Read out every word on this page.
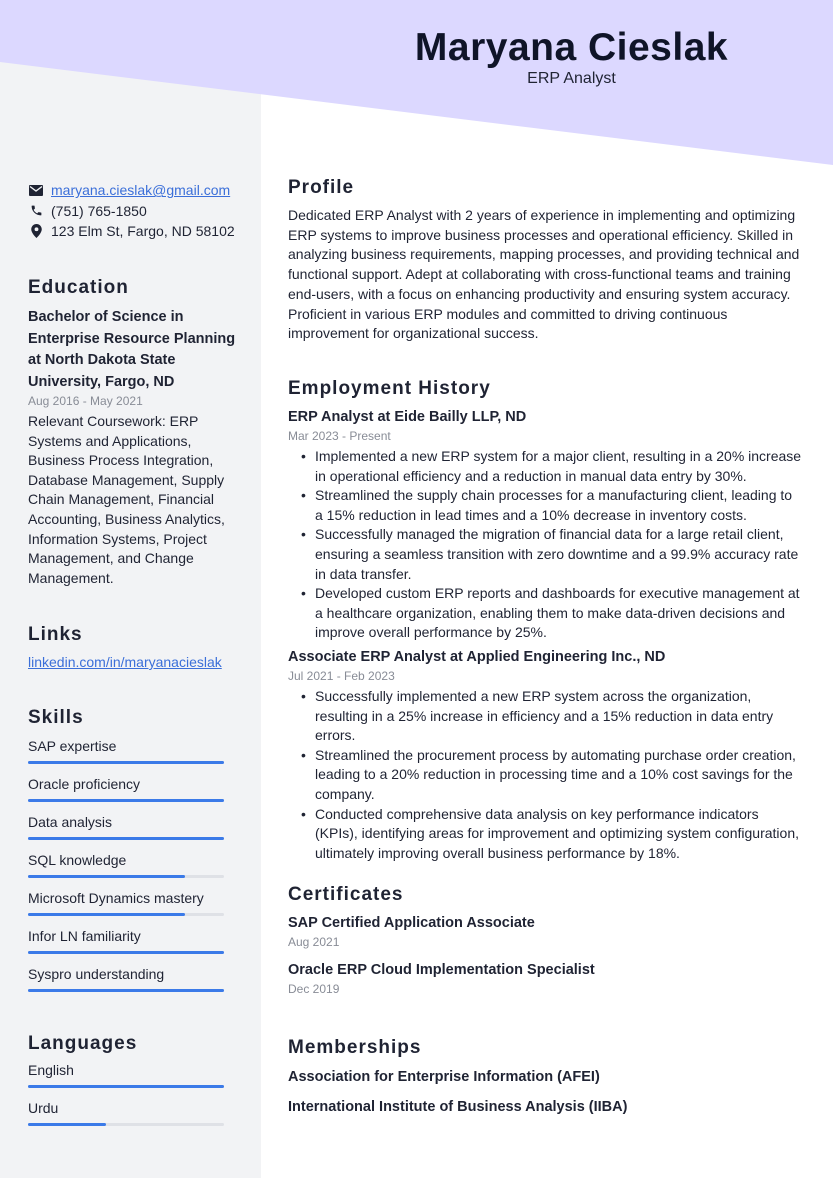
Maryana Cieslak
ERP Analyst
maryana.cieslak@gmail.com
(751) 765-1850
123 Elm St, Fargo, ND 58102
Education
Bachelor of Science in Enterprise Resource Planning at North Dakota State University, Fargo, ND
Aug 2016 - May 2021
Relevant Coursework: ERP Systems and Applications, Business Process Integration, Database Management, Supply Chain Management, Financial Accounting, Business Analytics, Information Systems, Project Management, and Change Management.
Links
linkedin.com/in/maryanacieslak
Skills
SAP expertise
Oracle proficiency
Data analysis
SQL knowledge
Microsoft Dynamics mastery
Infor LN familiarity
Syspro understanding
Languages
English
Urdu
Profile
Dedicated ERP Analyst with 2 years of experience in implementing and optimizing ERP systems to improve business processes and operational efficiency. Skilled in analyzing business requirements, mapping processes, and providing technical and functional support. Adept at collaborating with cross-functional teams and training end-users, with a focus on enhancing productivity and ensuring system accuracy. Proficient in various ERP modules and committed to driving continuous improvement for organizational success.
Employment History
ERP Analyst at Eide Bailly LLP, ND
Mar 2023 - Present
• Implemented a new ERP system for a major client, resulting in a 20% increase in operational efficiency and a reduction in manual data entry by 30%.
• Streamlined the supply chain processes for a manufacturing client, leading to a 15% reduction in lead times and a 10% decrease in inventory costs.
• Successfully managed the migration of financial data for a large retail client, ensuring a seamless transition with zero downtime and a 99.9% accuracy rate in data transfer.
• Developed custom ERP reports and dashboards for executive management at a healthcare organization, enabling them to make data-driven decisions and improve overall performance by 25%.
Associate ERP Analyst at Applied Engineering Inc., ND
Jul 2021 - Feb 2023
• Successfully implemented a new ERP system across the organization, resulting in a 25% increase in efficiency and a 15% reduction in data entry errors.
• Streamlined the procurement process by automating purchase order creation, leading to a 20% reduction in processing time and a 10% cost savings for the company.
• Conducted comprehensive data analysis on key performance indicators (KPIs), identifying areas for improvement and optimizing system configuration, ultimately improving overall business performance by 18%.
Certificates
SAP Certified Application Associate
Aug 2021
Oracle ERP Cloud Implementation Specialist
Dec 2019
Memberships
Association for Enterprise Information (AFEI)
International Institute of Business Analysis (IIBA)
